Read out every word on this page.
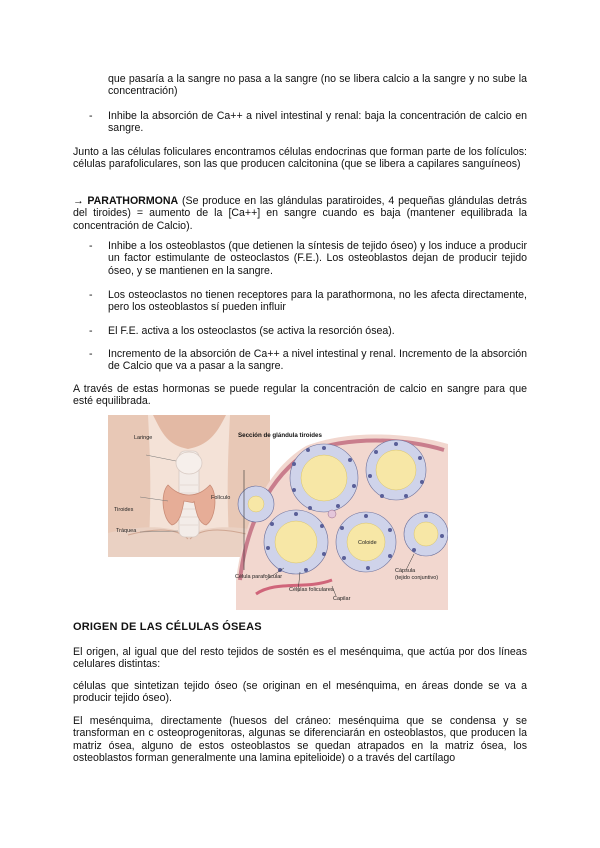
que pasaría a la sangre no pasa a la sangre (no se libera calcio a la sangre y no sube la concentración)

-	Inhibe la absorción de Ca++ a nivel intestinal y renal: baja la concentración de calcio en sangre.

Junto a las células foliculares encontramos células endocrinas que forman parte de los folículos: células parafoliculares, son las que producen calcitonina (que se libera a capilares sanguíneos)

→ PARATHORMONA (Se produce en las glándulas paratiroides, 4 pequeñas glándulas detrás del tiroides) = aumento de la [Ca++] en sangre cuando es baja (mantener equilibrada la concentración de Calcio).

-	Inhibe a los osteoblastos (que detienen la síntesis de tejido óseo) y los induce a producir un factor estimulante de osteoclastos (F.E.). Los osteoblastos dejan de producir tejido óseo, y se mantienen en la sangre.
-	Los osteoclastos no tienen receptores para la parathormona, no les afecta directamente, pero los osteoblastos sí pueden influir
-	El F.E. activa a los osteoclastos (se activa la resorción ósea).
-	Incremento de la absorción de Ca++ a nivel intestinal y renal. Incremento de la absorción de Calcio que va a pasar a la sangre.

A través de estas hormonas se puede regular la concentración de calcio en sangre para que esté equilibrada.

Laringe
Tiroides
Tráquea
Sección de glándula tiroides
Folículo
Coloide
Cápsula
(tejido conjuntivo)
Célula parafolicular
Células foliculares
Capilar
ORIGEN DE LAS CÉLULAS ÓSEAS

El origen, al igual que del resto tejidos de sostén es el mesénquima, que actúa por dos líneas celulares distintas:

células que sintetizan tejido óseo (se originan en el mesénquima, en áreas donde se va a producir tejido óseo).

El mesénquima, directamente (huesos del cráneo: mesénquima que se condensa y se transforman en c osteoprogenitoras, algunas se diferenciarán en osteoblastos, que producen la matriz ósea, alguno de estos osteoblastos se quedan atrapados en la matriz ósea, los osteoblastos forman generalmente una lamina epitelioide) o a través del cartílago
